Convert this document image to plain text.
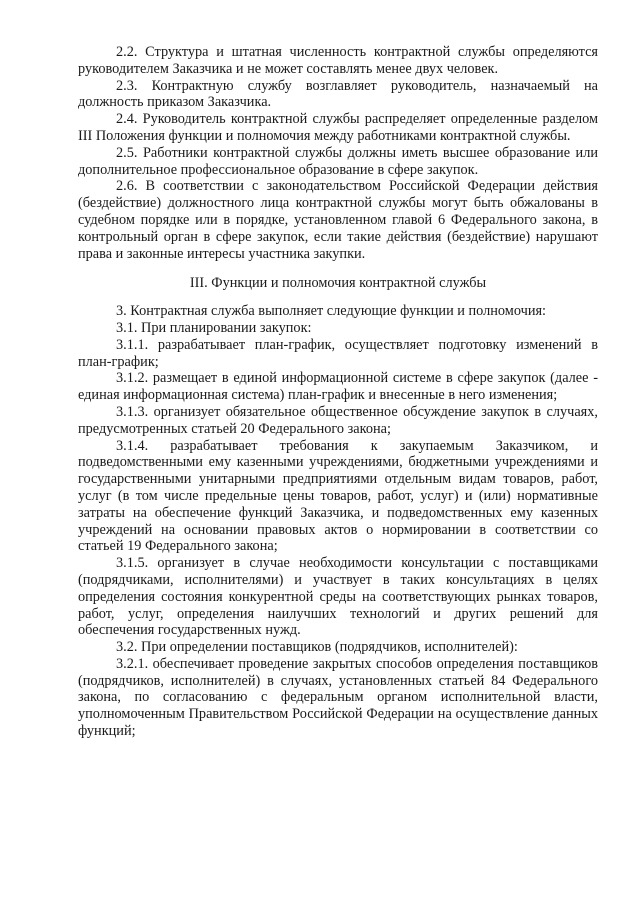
2.2. Структура и штатная численность контрактной службы определяются руководителем Заказчика и не может составлять менее двух человек.

2.3. Контрактную службу возглавляет руководитель, назначаемый на должность приказом Заказчика.

2.4. Руководитель контрактной службы распределяет определенные разделом III Положения функции и полномочия между работниками контрактной службы.

2.5. Работники контрактной службы должны иметь высшее образование или дополнительное профессиональное образование в сфере закупок.

2.6. В соответствии с законодательством Российской Федерации действия (бездействие) должностного лица контрактной службы могут быть обжалованы в судебном порядке или в порядке, установленном главой 6 Федерального закона, в контрольный орган в сфере закупок, если такие действия (бездействие) нарушают права и законные интересы участника закупки.

III. Функции и полномочия контрактной службы

3. Контрактная служба выполняет следующие функции и полномочия:

3.1. При планировании закупок:

3.1.1. разрабатывает план-график, осуществляет подготовку изменений в план-график;

3.1.2. размещает в единой информационной системе в сфере закупок (далее - единая информационная система) план-график и внесенные в него изменения;

3.1.3. организует обязательное общественное обсуждение закупок в случаях, предусмотренных статьей 20 Федерального закона;

3.1.4. разрабатывает требования к закупаемым Заказчиком, и подведомственными ему казенными учреждениями, бюджетными учреждениями и государственными унитарными предприятиями отдельным видам товаров, работ, услуг (в том числе предельные цены товаров, работ, услуг) и (или) нормативные затраты на обеспечение функций Заказчика, и подведомственных ему казенных учреждений на основании правовых актов о нормировании в соответствии со статьей 19 Федерального закона;

3.1.5. организует в случае необходимости консультации с поставщиками (подрядчиками, исполнителями) и участвует в таких консультациях в целях определения состояния конкурентной среды на соответствующих рынках товаров, работ, услуг, определения наилучших технологий и других решений для обеспечения государственных нужд.

3.2. При определении поставщиков (подрядчиков, исполнителей):

3.2.1. обеспечивает проведение закрытых способов определения поставщиков (подрядчиков, исполнителей) в случаях, установленных статьей 84 Федерального закона, по согласованию с федеральным органом исполнительной власти, уполномоченным Правительством Российской Федерации на осуществление данных функций;
